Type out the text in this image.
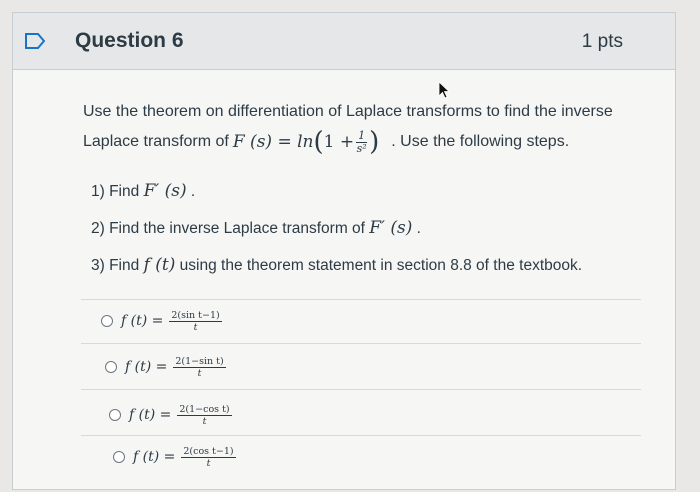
Question 6	1 pts
Use the theorem on differentiation of Laplace transforms to find the inverse
Laplace transform of F (s) = ln ( $1 + \frac{1}{\text{s²}}$ ) . Use the following steps.
1) Find F′ (s) .
2) Find the inverse Laplace transform of F′ (s) .
3) Find f (t) using the theorem statement in section 8.8 of the textbook.
f $(t) = \frac{\text{2(sin t−1)}}{t}$
f $(t) = \frac{\text{2(1−sin t)}}{t}$
f $(t) = \frac{\text{2(1−cos t)}}{t}$
f $(t) = \frac{\text{2(cos t−1)}}{t}$
